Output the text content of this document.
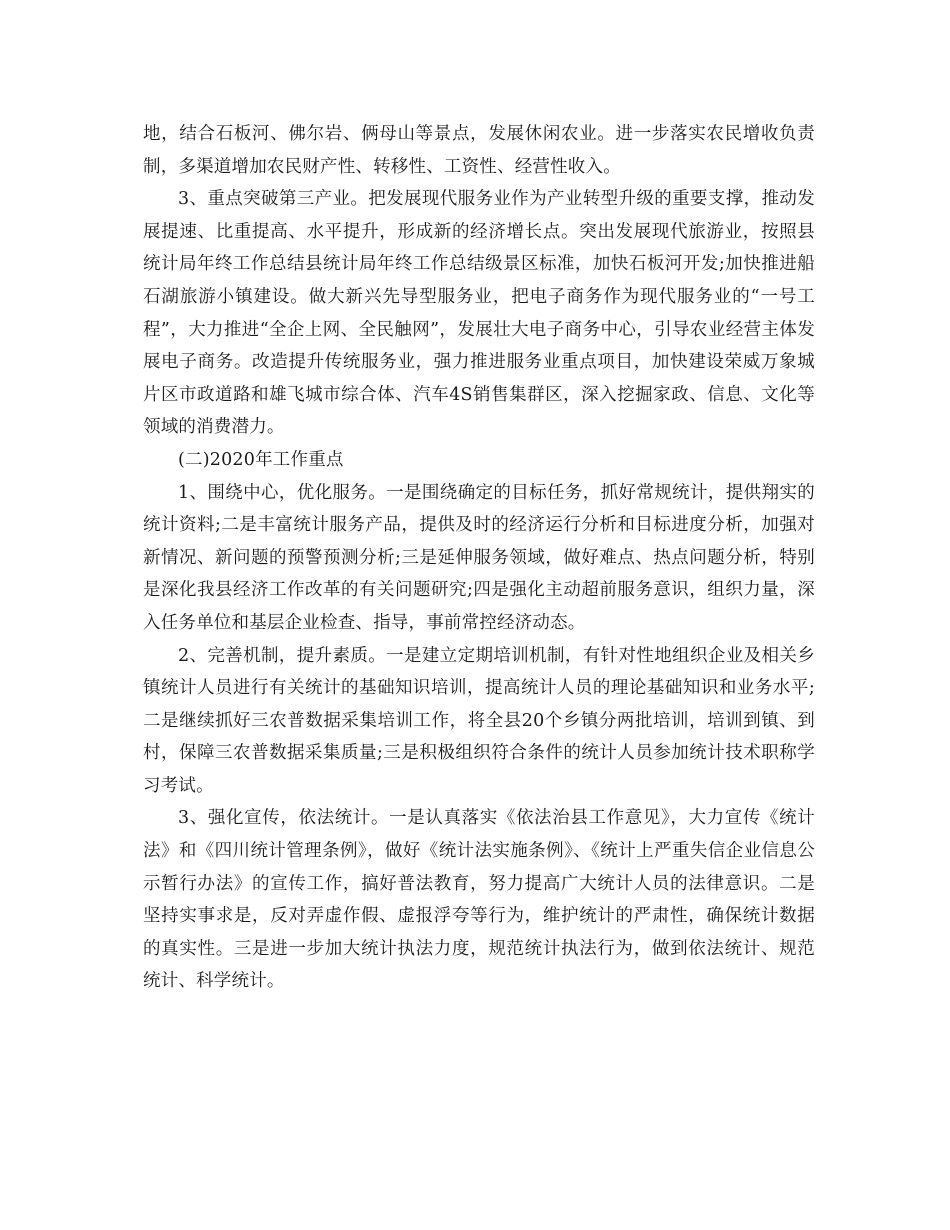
地，结合石板河、佛尔岩、俩母山等景点，发展休闲农业。进一步落实农民增收负责制，多渠道增加农民财产性、转移性、工资性、经营性收入。

3、重点突破第三产业。把发展现代服务业作为产业转型升级的重要支撑，推动发展提速、比重提高、水平提升，形成新的经济增长点。突出发展现代旅游业，按照县统计局年终工作总结县统计局年终工作总结级景区标准，加快石板河开发;加快推进船石湖旅游小镇建设。做大新兴先导型服务业，把电子商务作为现代服务业的“一号工程”，大力推进“全企上网、全民触网”，发展壮大电子商务中心，引导农业经营主体发展电子商务。改造提升传统服务业，强力推进服务业重点项目，加快建设荣威万象城片区市政道路和雄飞城市综合体、汽车4S销售集群区，深入挖掘家政、信息、文化等领域的消费潜力。

(二)2020年工作重点

1、围绕中心，优化服务。一是围绕确定的目标任务，抓好常规统计，提供翔实的统计资料;二是丰富统计服务产品，提供及时的经济运行分析和目标进度分析，加强对新情况、新问题的预警预测分析;三是延伸服务领域，做好难点、热点问题分析，特别是深化我县经济工作改革的有关问题研究;四是强化主动超前服务意识，组织力量，深入任务单位和基层企业检查、指导，事前常控经济动态。

2、完善机制，提升素质。一是建立定期培训机制，有针对性地组织企业及相关乡镇统计人员进行有关统计的基础知识培训，提高统计人员的理论基础知识和业务水平;二是继续抓好三农普数据采集培训工作，将全县20个乡镇分两批培训，培训到镇、到村，保障三农普数据采集质量;三是积极组织符合条件的统计人员参加统计技术职称学习考试。

3、强化宣传，依法统计。一是认真落实《依法治县工作意见》，大力宣传《统计法》和《四川统计管理条例》，做好《统计法实施条例》、《统计上严重失信企业信息公示暂行办法》的宣传工作，搞好普法教育，努力提高广大统计人员的法律意识。二是坚持实事求是，反对弄虚作假、虚报浮夸等行为，维护统计的严肃性，确保统计数据的真实性。三是进一步加大统计执法力度，规范统计执法行为，做到依法统计、规范统计、科学统计。
